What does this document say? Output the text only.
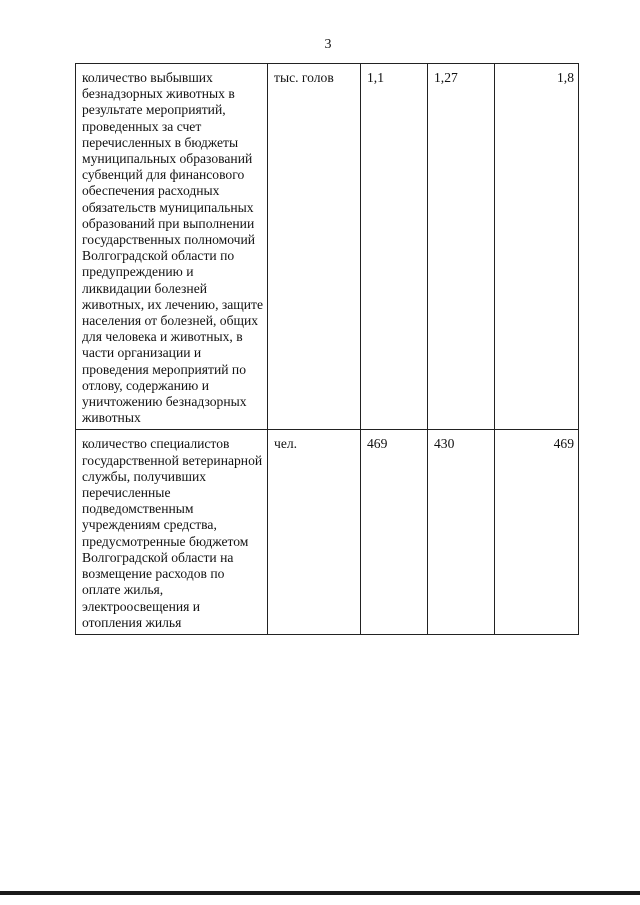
3
количество выбывших безнадзорных животных в результате мероприятий, проведенных за счет перечисленных в бюджеты муниципальных образований субвенций для финансового обеспечения расходных обязательств муниципальных образований при выполнении государственных полномочий Волгоградской области по предупреждению и ликвидации болезней животных, их лечению, защите населения от болезней, общих для человека и животных, в части организации и проведения мероприятий по отлову, содержанию и уничтожению безнадзорных животных	тыс. голов	1,1	1,27	1,8
количество специалистов государственной ветеринарной службы, получивших перечисленные подведомственным учреждениям средства, предусмотренные бюджетом Волгоградской области на возмещение расходов по оплате жилья, электроосвещения и отопления жилья	чел.	469	430	469
